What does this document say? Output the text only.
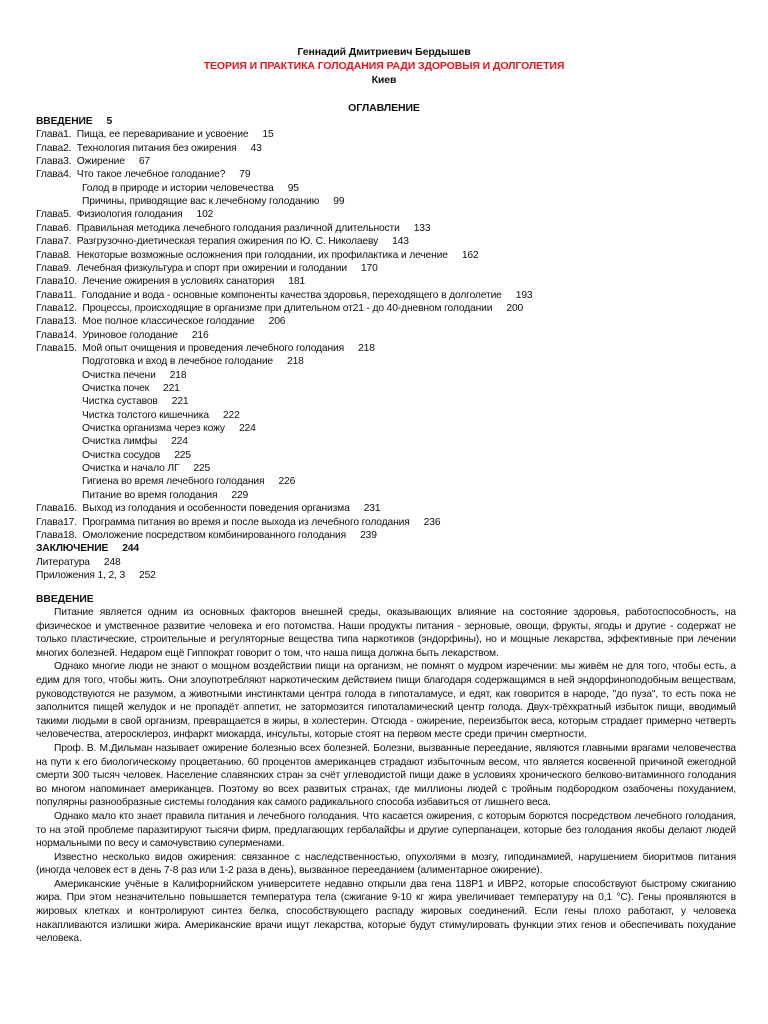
Геннадий Дмитриевич Бердышев
ТЕОРИЯ И ПРАКТИКА ГОЛОДАНИЯ РАДИ ЗДОРОВЫЯ И ДОЛГОЛЕТИЯ
Киев
ОГЛАВЛЕНИЕ
ВВЕДЕНИЕ 5
Глава1.  Пища, ее переваривание и усвоение 15
Глава2.  Технология питания без ожирения 43
Глава3.  Ожирение 67
Глава4.  Что такое лечебное голодание? 79
Голод в природе и истории человечества 95
Причины, приводящие вас к лечебному голоданию 99
Глава5.  Физиология голодания 102
Глава6.  Правильная методика лечебного голодания различной длительности 133
Глава7.  Разгрузочно-диетическая терапия ожирения по Ю. С. Николаеву 143
Глава8.  Некоторые возможные осложнения при голодании, их профилактика и лечение 162
Глава9.  Лечебная физкультура и спорт при ожирении и голодании 170
Глава10.  Лечение ожирения в условиях санатория 181
Глава11.  Голодание и вода - основные компоненты качества здоровья, переходящего в долголетие 193
Глава12.  Процессы, происходящие в организме при длительном от21 - до 40-дневном голодании 200
Глава13.  Мое полное классическое голодание 206
Глава14.  Уриновое голодание 216
Глава15.  Мой опыт очищения и проведения лечебного голодания 218
Подготовка и вход в лечебное голодание 218
Очистка печени 218
Очистка почек 221
Чистка суставов 221
Чистка толстого кишечника 222
Очистка организма через кожу 224
Очистка лимфы 224
Очистка сосудов 225
Очистка и начало ЛГ 225
Гигиена во время лечебного голодания 226
Питание во время голодания 229
Глава16.  Выход из голодания и особенности поведения организма 231
Глава17.  Программа питания во время и после выхода из лечебного голодания 236
Глава18.  Омоложение посредством комбинированного голодания 239
ЗАКЛЮЧЕНИЕ 244
Литература 248
Приложения 1, 2, 3 252
ВВЕДЕНИЕ

Питание является одним из основных факторов внешней среды, оказывающих влияние на состояние здоровья, работоспособность, на физическое и умственное развитие человека и его потомства. Наши продукты питания - зерновые, овощи, фрукты, ягоды и другие - содержат не только пластические, строительные и регуляторные вещества типа наркотиков (эндорфины), но и мощные лекарства, эффективные при лечении многих болезней. Недаром ещё Гиппократ говорит о том, что наша пища должна быть лекарством.

Однако многие люди не знают о мощном воздействии пищи на организм, не помнят о мудром изречении: мы живём не для того, чтобы есть, а едим для того, чтобы жить. Они злоупотребляют наркотическим действием пищи благодаря содержащимся в ней эндорфиноподобным веществам, руководствуются не разумом, а животными инстинктами центра голода в гипоталамусе, и едят, как говорится в народе, "до пуза", то есть пока не заполнится пищей желудок и не пропадёт аппетит, не затормозится гипоталамический центр голода. Двух-трёхкратный избыток пищи, вводимый такими людьми в свой организм, превращается в жиры, в холестерин. Отсюда - ожирение, переизбыток веса, которым страдает примерно четверть человечества, атеросклероз, инфаркт миокарда, инсульты, которые стоят на первом месте среди причин смертности.

Проф. В. М.Дильман называет ожирение болезнью всех болезней. Болезни, вызванные переедание, являются главными врагами человечества на пути к его биологическому процветанию. 60 процентов американцев страдают избыточным весом, что является косвенной причиной ежегодной смерти 300 тысяч человек. Население славянских стран за счёт углеводистой пищи даже в условиях хронического белково-витаминного голодания во многом напоминает американцев. Поэтому во всех развитых странах, где миллионы людей с тройным подбородком озабочены похуданием, популярны разнообразные системы голодания как самого радикального способа избавиться от лишнего веса.

Однако мало кто знает правила питания и лечебного голодания. Что касается ожирения, с которым борются посредством лечебного голодания, то на этой проблеме паразитируют тысячи фирм, предлагающих гербалайфы и другие суперпанацеи, которые без голодания якобы делают людей нормальными по весу и самочувствию суперменами.

Известно несколько видов ожирения: связанное с наследственностью, опухолями в мозгу, гиподинамией, нарушением биоритмов питания (иногда человек ест в день 7-8 раз или 1-2 раза в день), вызванное перееданием (алиментарное ожирение).

Американские учёные в Калифорнийском университете недавно открыли два гена 118P1 и ИВР2, которые способствуют быстрому сжиганию жира. При этом незначительно повышается температура тела (сжигание 9-10 кг жира увеличивает температуру на 0,1 °С). Гены проявляются в жировых клетках и контролируют синтез белка, способствующего распаду жировых соединений. Если гены плохо работают, у человека накапливаются излишки жира. Американские врачи ищут лекарства, которые будут стимулировать функции этих генов и обеспечивать похудание человека.
